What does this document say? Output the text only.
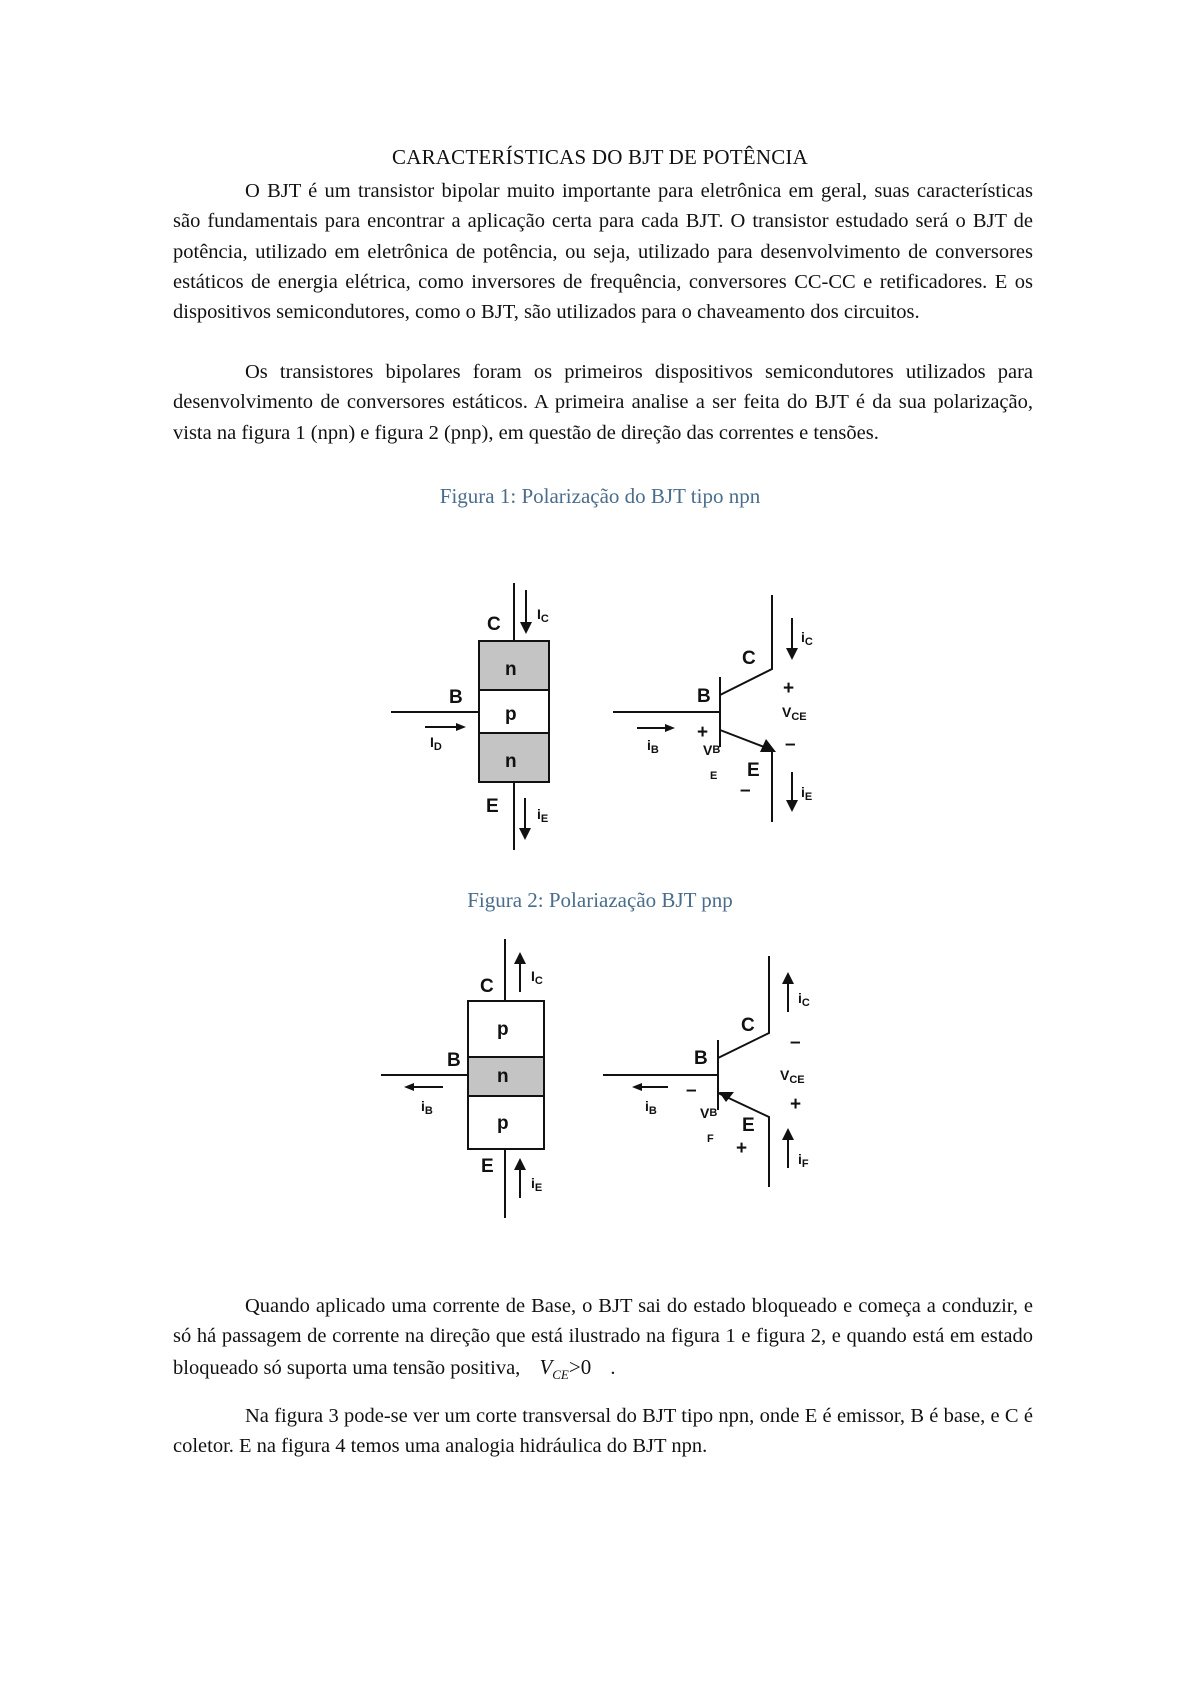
CARACTERÍSTICAS DO BJT DE POTÊNCIA
O BJT é um transistor bipolar muito importante para eletrônica em geral, suas características são fundamentais para encontrar a aplicação certa para cada BJT. O transistor estudado será o BJT de potência, utilizado em eletrônica de potência, ou seja, utilizado para desenvolvimento de conversores estáticos de energia elétrica, como inversores de frequência, conversores CC-CC e retificadores. E os dispositivos semicondutores, como o BJT, são utilizados para o chaveamento dos circuitos.
Os transistores bipolares foram os primeiros dispositivos semicondutores utilizados para desenvolvimento de conversores estáticos. A primeira analise a ser feita do BJT é da sua polarização, vista na figura 1 (npn) e figura 2 (pnp), em questão de direção das correntes e tensões.
Figura 1: Polarização do BJT tipo npn
n
p
n
C
B
E
C
B
E
+
–
+
–
$I_C$
$I_D$
$i_E$
$i_C$
$i_B$
$i_E$
$V_{CE}$
VB
E
Figura 2: Polariazação BJT pnp
p
n
p
C
B
E
C
B
E
–
+
–
+
$I_C$
$i_B$
$i_E$
$i_C$
$i_B$
$i_F$
$V_{CE}$
VB
F
Quando aplicado uma corrente de Base, o BJT sai do estado bloqueado e começa a conduzir, e só há passagem de corrente na direção que está ilustrado na figura 1 e figura 2, e quando está em estado bloqueado só suporta uma tensão positiva, $V_{CE}>0$ .
Na figura 3 pode-se ver um corte transversal do BJT tipo npn, onde E é emissor, B é base, e C é coletor. E na figura 4 temos uma analogia hidráulica do BJT npn.
